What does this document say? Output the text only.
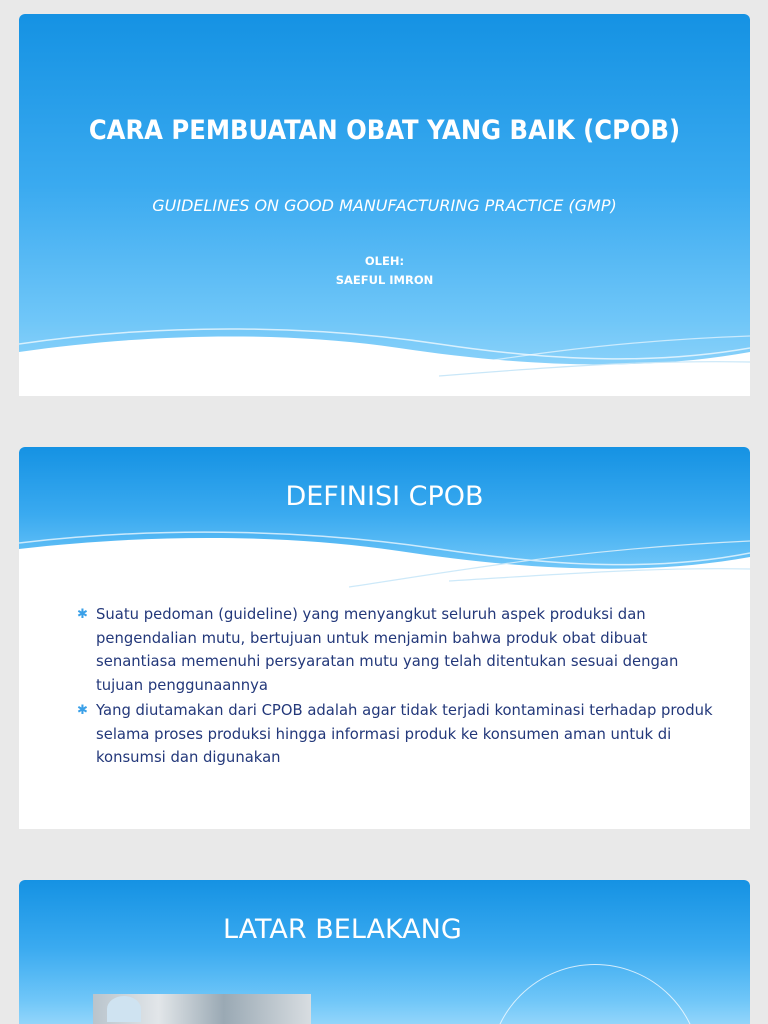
CARA PEMBUATAN OBAT YANG BAIK (CPOB)
GUIDELINES ON GOOD MANUFACTURING PRACTICE (GMP)
OLEH:
SAEFUL IMRON
DEFINISI CPOB
✱ Suatu pedoman (guideline) yang menyangkut seluruh aspek produksi dan pengendalian mutu, bertujuan untuk menjamin bahwa produk obat dibuat senantiasa memenuhi persyaratan mutu yang telah ditentukan sesuai dengan tujuan penggunaannya
✱ Yang diutamakan dari CPOB adalah agar tidak terjadi kontaminasi terhadap produk selama proses produksi hingga informasi produk ke konsumen aman untuk di konsumsi dan digunakan
LATAR BELAKANG
